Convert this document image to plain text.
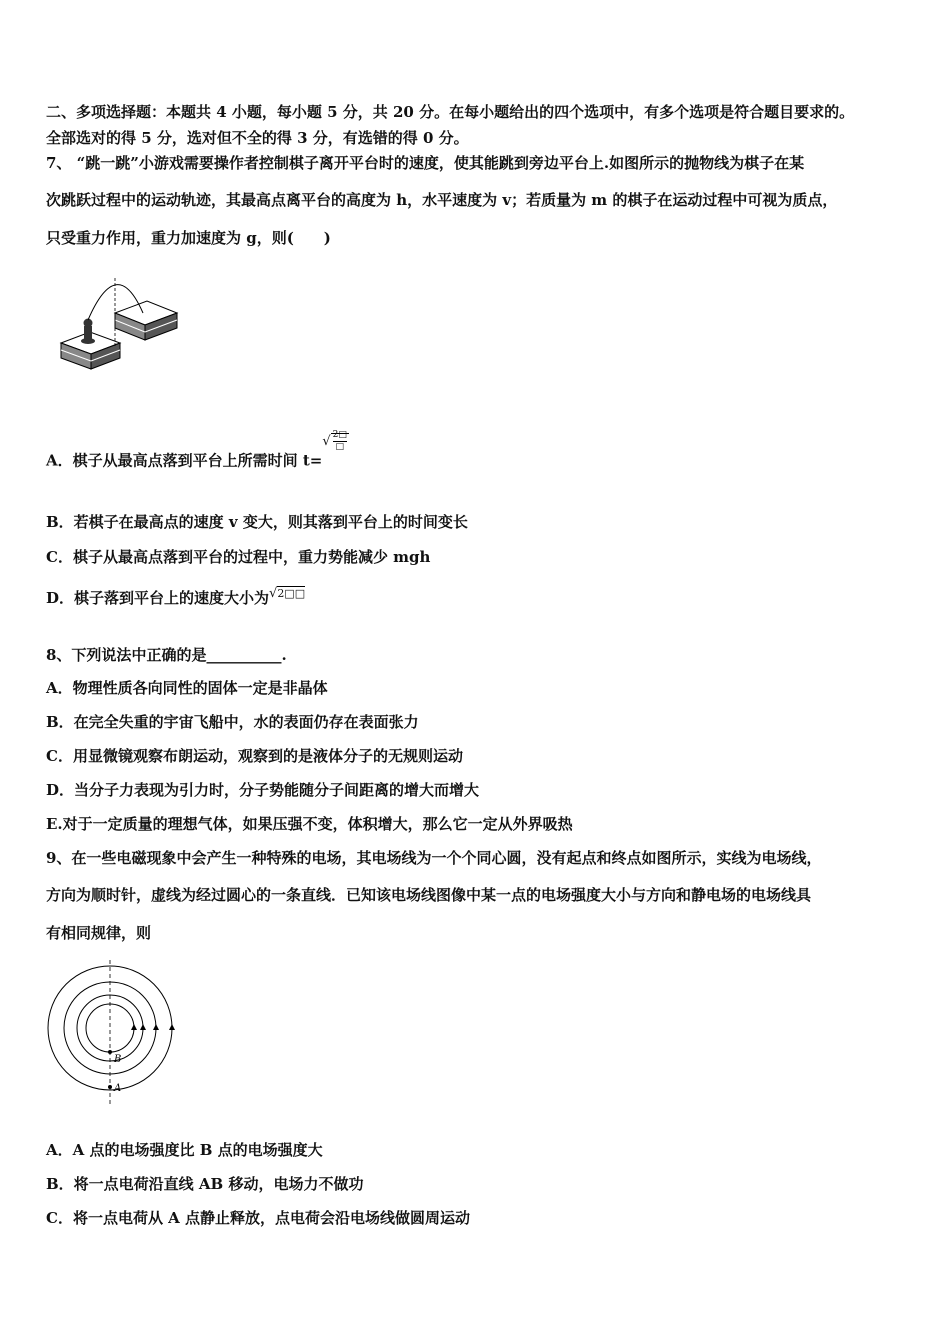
二、多项选择题：本题共 4 小题，每小题 5 分，共 20 分。在每小题给出的四个选项中，有多个选项是符合题目要求的。
全部选对的得 5 分，选对但不全的得 3 分，有选错的得 0 分。
7、 “跳一跳”小游戏需要操作者控制棋子离开平台时的速度，使其能跳到旁边平台上.如图所示的抛物线为棋子在某
次跳跃过程中的运动轨迹，其最高点离平台的高度为 h，水平速度为 v；若质量为 m 的棋子在运动过程中可视为质点，
只受重力作用，重力加速度为 g，则(　　)
A．棋子从最高点落到平台上所需时间 $t=√ \frac{2□}{□}$
B．若棋子在最高点的速度 v 变大，则其落到平台上的时间变长
C．棋子从最高点落到平台的过程中，重力势能减少 mgh
D．棋子落到平台上的速度大小为√2□□
8、下列说法中正确的是__________.
A．物理性质各向同性的固体一定是非晶体
B．在完全失重的宇宙飞船中，水的表面仍存在表面张力
C．用显微镜观察布朗运动，观察到的是液体分子的无规则运动
D．当分子力表现为引力时，分子势能随分子间距离的增大而增大
E.对于一定质量的理想气体，如果压强不变，体积增大，那么它一定从外界吸热
9、在一些电磁现象中会产生一种特殊的电场，其电场线为一个个同心圆，没有起点和终点如图所示，实线为电场线，
方向为顺时针，虚线为经过圆心的一条直线．已知该电场线图像中某一点的电场强度大小与方向和静电场的电场线具
有相同规律，则
B
A
A．A 点的电场强度比 B 点的电场强度大
B．将一点电荷沿直线 AB 移动，电场力不做功
C．将一点电荷从 A 点静止释放，点电荷会沿电场线做圆周运动
